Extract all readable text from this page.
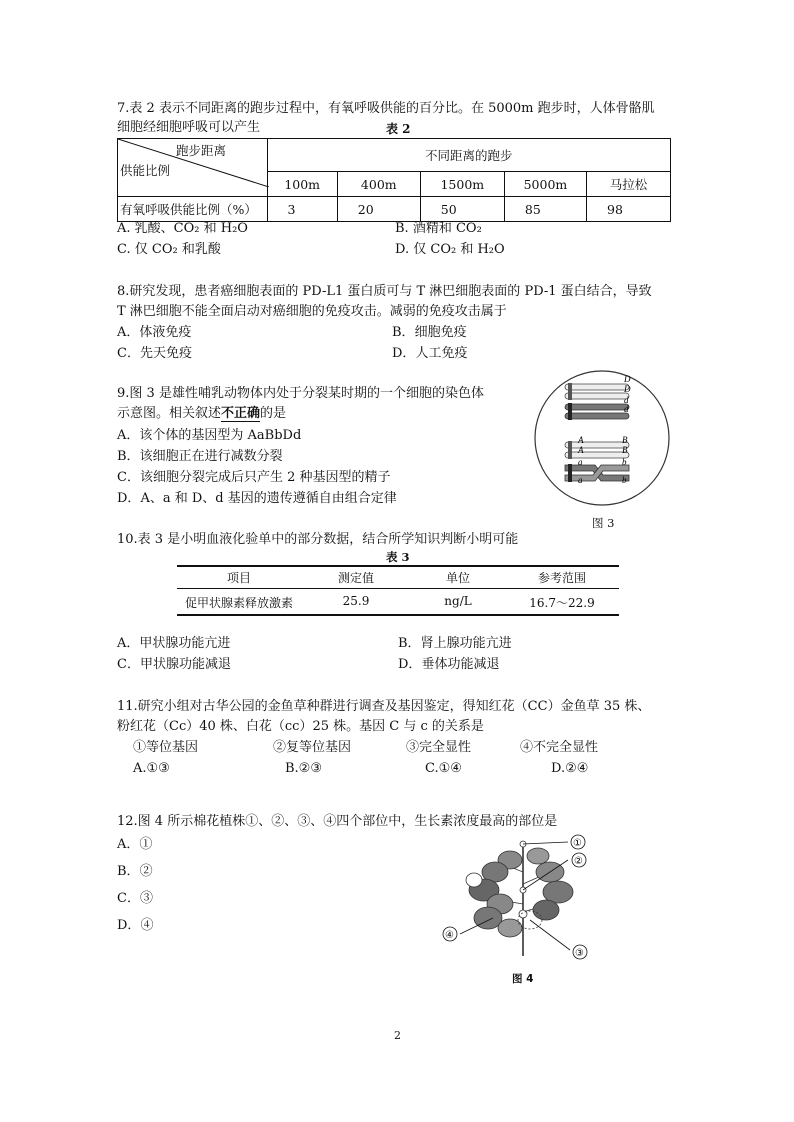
7.表 2 表示不同距离的跑步过程中，有氧呼吸供能的百分比。在 5000m 跑步时，人体骨骼肌
细胞经细胞呼吸可以产生	表 2
跑步距离
供能比例	不同距离的跑步				
	100m	400m	1500m	5000m	马拉松
有氧呼吸供能比例（%）	3	20	50	85	98
A. 乳酸、CO₂ 和 H₂O	B. 酒精和 CO₂
C. 仅 CO₂ 和乳酸	D. 仅 CO₂ 和 H₂O
8.研究发现，患者癌细胞表面的 PD-L1 蛋白质可与 T 淋巴细胞表面的 PD-1 蛋白结合，导致
T 淋巴细胞不能全面启动对癌细胞的免疫攻击。减弱的免疫攻击属于
A．体液免疫	B．细胞免疫
C．先天免疫	D．人工免疫
9.图 3 是雄性哺乳动物体内处于分裂某时期的一个细胞的染色体
示意图。相关叙述不正确的是
A．该个体的基因型为 AaBbDd
B．该细胞正在进行减数分裂
C．该细胞分裂完成后只产生 2 种基因型的精子
D．A、a 和 D、d 基因的遗传遵循自由组合定律
D
D
d
d
A	B
A	B
a	b
a	b
图 3
10.表 3 是小明血液化验单中的部分数据，结合所学知识判断小明可能
表 3
项目	测定值	单位	参考范围
促甲状腺素释放激素	25.9	ng/L	16.7～22.9
A．甲状腺功能亢进	B．肾上腺功能亢进
C．甲状腺功能减退	D．垂体功能减退
11.研究小组对古华公园的金鱼草种群进行调查及基因鉴定，得知红花（CC）金鱼草 35 株、
粉红花（Cc）40 株、白花（cc）25 株。基因 C 与 c 的关系是
①等位基因	②复等位基因	③完全显性	④不完全显性
A.①③	B.②③	C.①④	D.②④
12.图 4 所示棉花植株①、②、③、④四个部位中，生长素浓度最高的部位是
A．①
B．②
C．③
D．④
①
②
③
④
图 4
2
